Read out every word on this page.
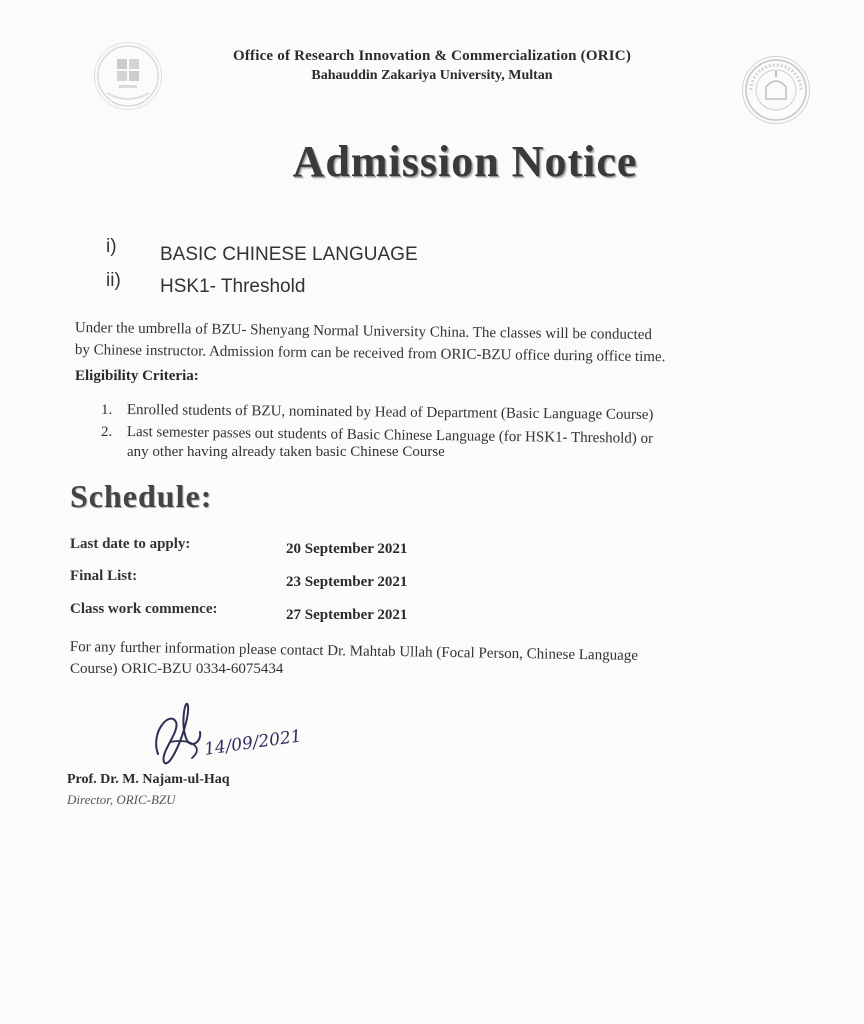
Office of Research Innovation & Commercialization (ORIC)
Bahauddin Zakariya University, Multan
Admission Notice
i) BASIC CHINESE LANGUAGE
ii) HSK1- Threshold
Under the umbrella of BZU- Shenyang Normal University China. The classes will be conducted
by Chinese instructor. Admission form can be received from ORIC-BZU office during office time.
Eligibility Criteria:
1. Enrolled students of BZU, nominated by Head of Department (Basic Language Course)
2. Last semester passes out students of Basic Chinese Language (for HSK1- Threshold) or
any other having already taken basic Chinese Course
Schedule:
Last date to apply:	20 September 2021
Final List:	23 September 2021
Class work commence:	27 September 2021
For any further information please contact Dr. Mahtab Ullah (Focal Person, Chinese Language
Course) ORIC-BZU 0334-6075434
14/09/2021
Prof. Dr. M. Najam-ul-Haq
Director, ORIC-BZU
